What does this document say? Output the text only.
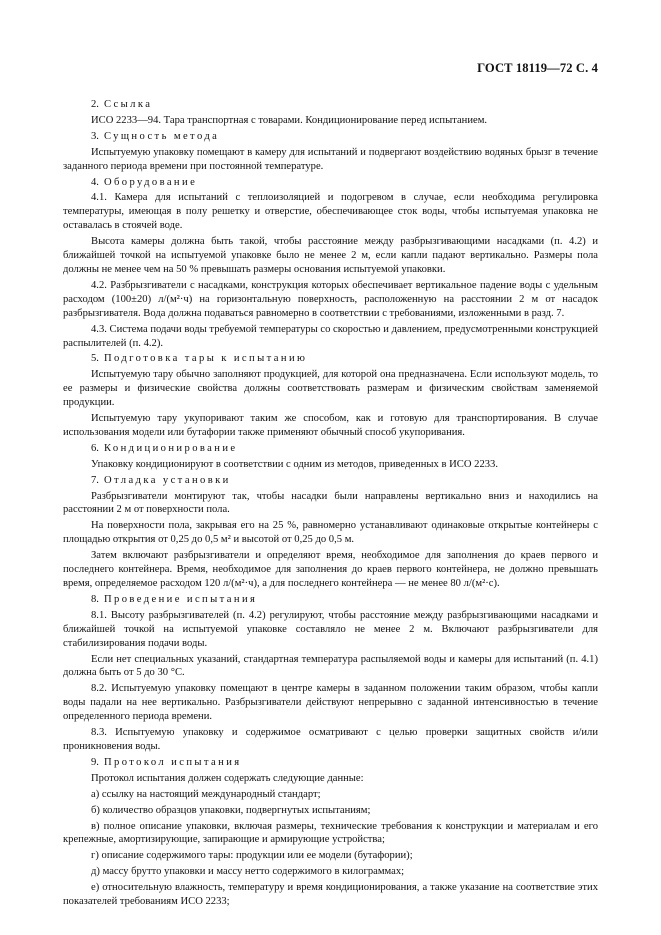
ГОСТ 18119—72 С. 4

2. Ссылка

ИСО 2233—94. Тара транспортная с товарами. Кондиционирование перед испытанием.

3. Сущность метода

Испытуемую упаковку помещают в камеру для испытаний и подвергают воздействию водяных брызг в течение заданного периода времени при постоянной температуре.

4. Оборудование

4.1. Камера для испытаний с теплоизоляцией и подогревом в случае, если необходима регулировка температуры, имеющая в полу решетку и отверстие, обеспечивающее сток воды, чтобы испытуемая упаковка не оставалась в стоячей воде.

Высота камеры должна быть такой, чтобы расстояние между разбрызгивающими насадками (п. 4.2) и ближайшей точкой на испытуемой упаковке было не менее 2 м, если капли падают вертикально. Размеры пола должны не менее чем на 50 % превышать размеры основания испытуемой упаковки.

4.2. Разбрызгиватели с насадками, конструкция которых обеспечивает вертикальное падение воды с удельным расходом (100±20) л/(м²·ч) на горизонтальную поверхность, расположенную на расстоянии 2 м от насадок разбрызгивателя. Вода должна подаваться равномерно в соответствии с требованиями, изложенными в разд. 7.

4.3. Система подачи воды требуемой температуры со скоростью и давлением, предусмотренными конструкцией распылителей (п. 4.2).

5. Подготовка тары к испытанию

Испытуемую тару обычно заполняют продукцией, для которой она предназначена. Если используют модель, то ее размеры и физические свойства должны соответствовать размерам и физическим свойствам заменяемой продукции.

Испытуемую тару укупоривают таким же способом, как и готовую для транспортирования. В случае использования модели или бутафории также применяют обычный способ укупоривания.

6. Кондиционирование

Упаковку кондиционируют в соответствии с одним из методов, приведенных в ИСО 2233.

7. Отладка установки

Разбрызгиватели монтируют так, чтобы насадки были направлены вертикально вниз и находились на расстоянии 2 м от поверхности пола.

На поверхности пола, закрывая его на 25 %, равномерно устанавливают одинаковые открытые контейнеры с площадью открытия от 0,25 до 0,5 м² и высотой от 0,25 до 0,5 м.

Затем включают разбрызгиватели и определяют время, необходимое для заполнения до краев первого и последнего контейнера. Время, необходимое для заполнения до краев первого контейнера, не должно превышать время, определяемое расходом 120 л/(м²·ч), а для последнего контейнера — не менее 80 л/(м²·с).

8. Проведение испытания

8.1. Высоту разбрызгивателей (п. 4.2) регулируют, чтобы расстояние между разбрызгивающими насадками и ближайшей точкой на испытуемой упаковке составляло не менее 2 м. Включают разбрызгиватели для стабилизирования подачи воды.

Если нет специальных указаний, стандартная температура распыляемой воды и камеры для испытаний (п. 4.1) должна быть от 5 до 30 °С.

8.2. Испытуемую упаковку помещают в центре камеры в заданном положении таким образом, чтобы капли воды падали на нее вертикально. Разбрызгиватели действуют непрерывно с заданной интенсивностью в течение определенного периода времени.

8.3. Испытуемую упаковку и содержимое осматривают с целью проверки защитных свойств и/или проникновения воды.

9. Протокол испытания

Протокол испытания должен содержать следующие данные:

а) ссылку на настоящий международный стандарт;

б) количество образцов упаковки, подвергнутых испытаниям;

в) полное описание упаковки, включая размеры, технические требования к конструкции и материалам и его крепежные, амортизирующие, запирающие и армирующие устройства;

г) описание содержимого тары: продукции или ее модели (бутафории);

д) массу брутто упаковки и массу нетто содержимого в килограммах;

е) относительную влажность, температуру и время кондиционирования, а также указание на соответствие этих показателей требованиям ИСО 2233;
